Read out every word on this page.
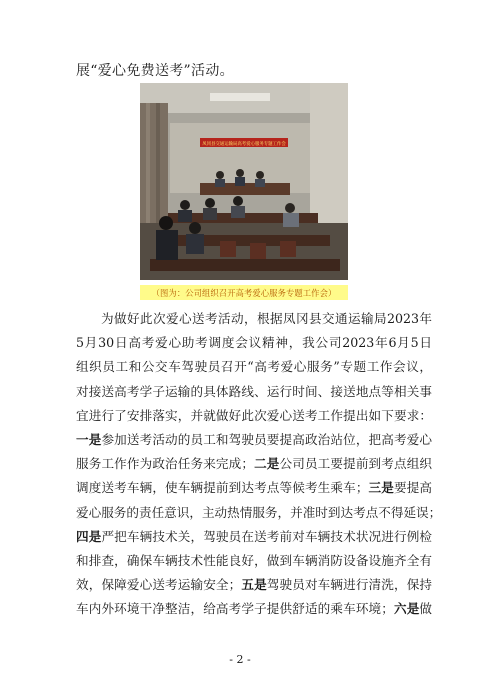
展“爱心免费送考”活动。
凤冈县交通运输局高考爱心服务专题工作会
（图为：公司组织召开高考爱心服务专题工作会）
为做好此次爱心送考活动，根据凤冈县交通运输局2023年
5月30日高考爱心助考调度会议精神，我公司2023年6月5日
组织员工和公交车驾驶员召开“高考爱心服务”专题工作会议，
对接送高考学子运输的具体路线、运行时间、接送地点等相关事
宜进行了安排落实，并就做好此次爱心送考工作提出如下要求：
一是参加送考活动的员工和驾驶员要提高政治站位，把高考爱心
服务工作作为政治任务来完成；二是公司员工要提前到考点组织
调度送考车辆，使车辆提前到达考点等候考生乘车；三是要提高
爱心服务的责任意识，主动热情服务，并准时到达考点不得延误；
四是严把车辆技术关，驾驶员在送考前对车辆技术状况进行例检
和排查，确保车辆技术性能良好，做到车辆消防设备设施齐全有
效，保障爱心送考运输安全；五是驾驶员对车辆进行清洗，保持
车内外环境干净整洁，给高考学子提供舒适的乘车环境；六是做
- 2 -
